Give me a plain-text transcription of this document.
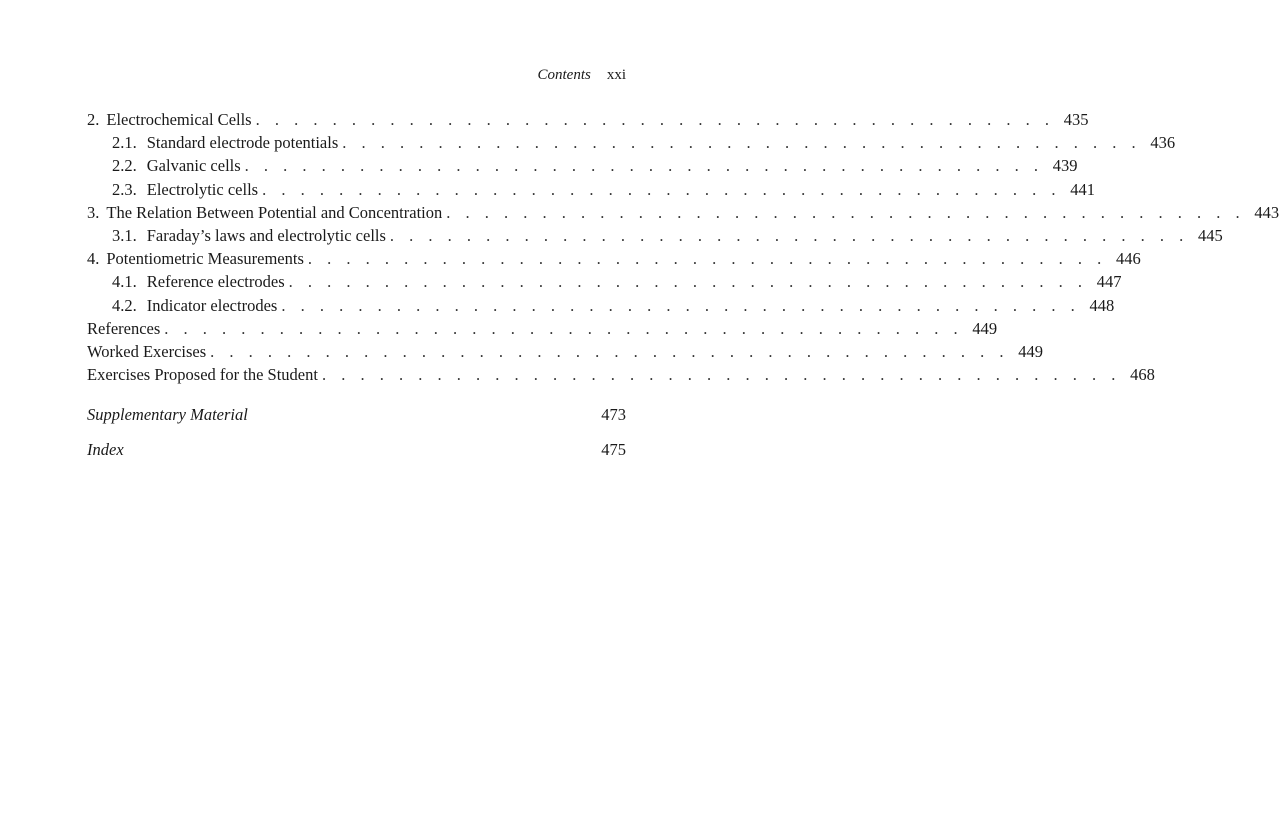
Contents xxi
2. Electrochemical Cells . . . . . . . . . . . . . . . . . . . . . . . . . . . . . . . . . . . . . . . . . . 435
2.1. Standard electrode potentials . . . . . . . . . . . . . . . . . . . . . . . . . . . . . . . . . . . . . . . . . . 436
2.2. Galvanic cells . . . . . . . . . . . . . . . . . . . . . . . . . . . . . . . . . . . . . . . . . . 439
2.3. Electrolytic cells . . . . . . . . . . . . . . . . . . . . . . . . . . . . . . . . . . . . . . . . . . 441
3. The Relation Between Potential and Concentration . . . . . . . . . . . . . . . . . . . . . . . . . . . . . . . . . . . . . . . . . . 443
3.1. Faraday’s laws and electrolytic cells . . . . . . . . . . . . . . . . . . . . . . . . . . . . . . . . . . . . . . . . . . 445
4. Potentiometric Measurements . . . . . . . . . . . . . . . . . . . . . . . . . . . . . . . . . . . . . . . . . . 446
4.1. Reference electrodes . . . . . . . . . . . . . . . . . . . . . . . . . . . . . . . . . . . . . . . . . . 447
4.2. Indicator electrodes . . . . . . . . . . . . . . . . . . . . . . . . . . . . . . . . . . . . . . . . . . 448
References . . . . . . . . . . . . . . . . . . . . . . . . . . . . . . . . . . . . . . . . . . 449
Worked Exercises . . . . . . . . . . . . . . . . . . . . . . . . . . . . . . . . . . . . . . . . . . 449
Exercises Proposed for the Student . . . . . . . . . . . . . . . . . . . . . . . . . . . . . . . . . . . . . . . . . . 468
Supplementary Material	473
Index	475
